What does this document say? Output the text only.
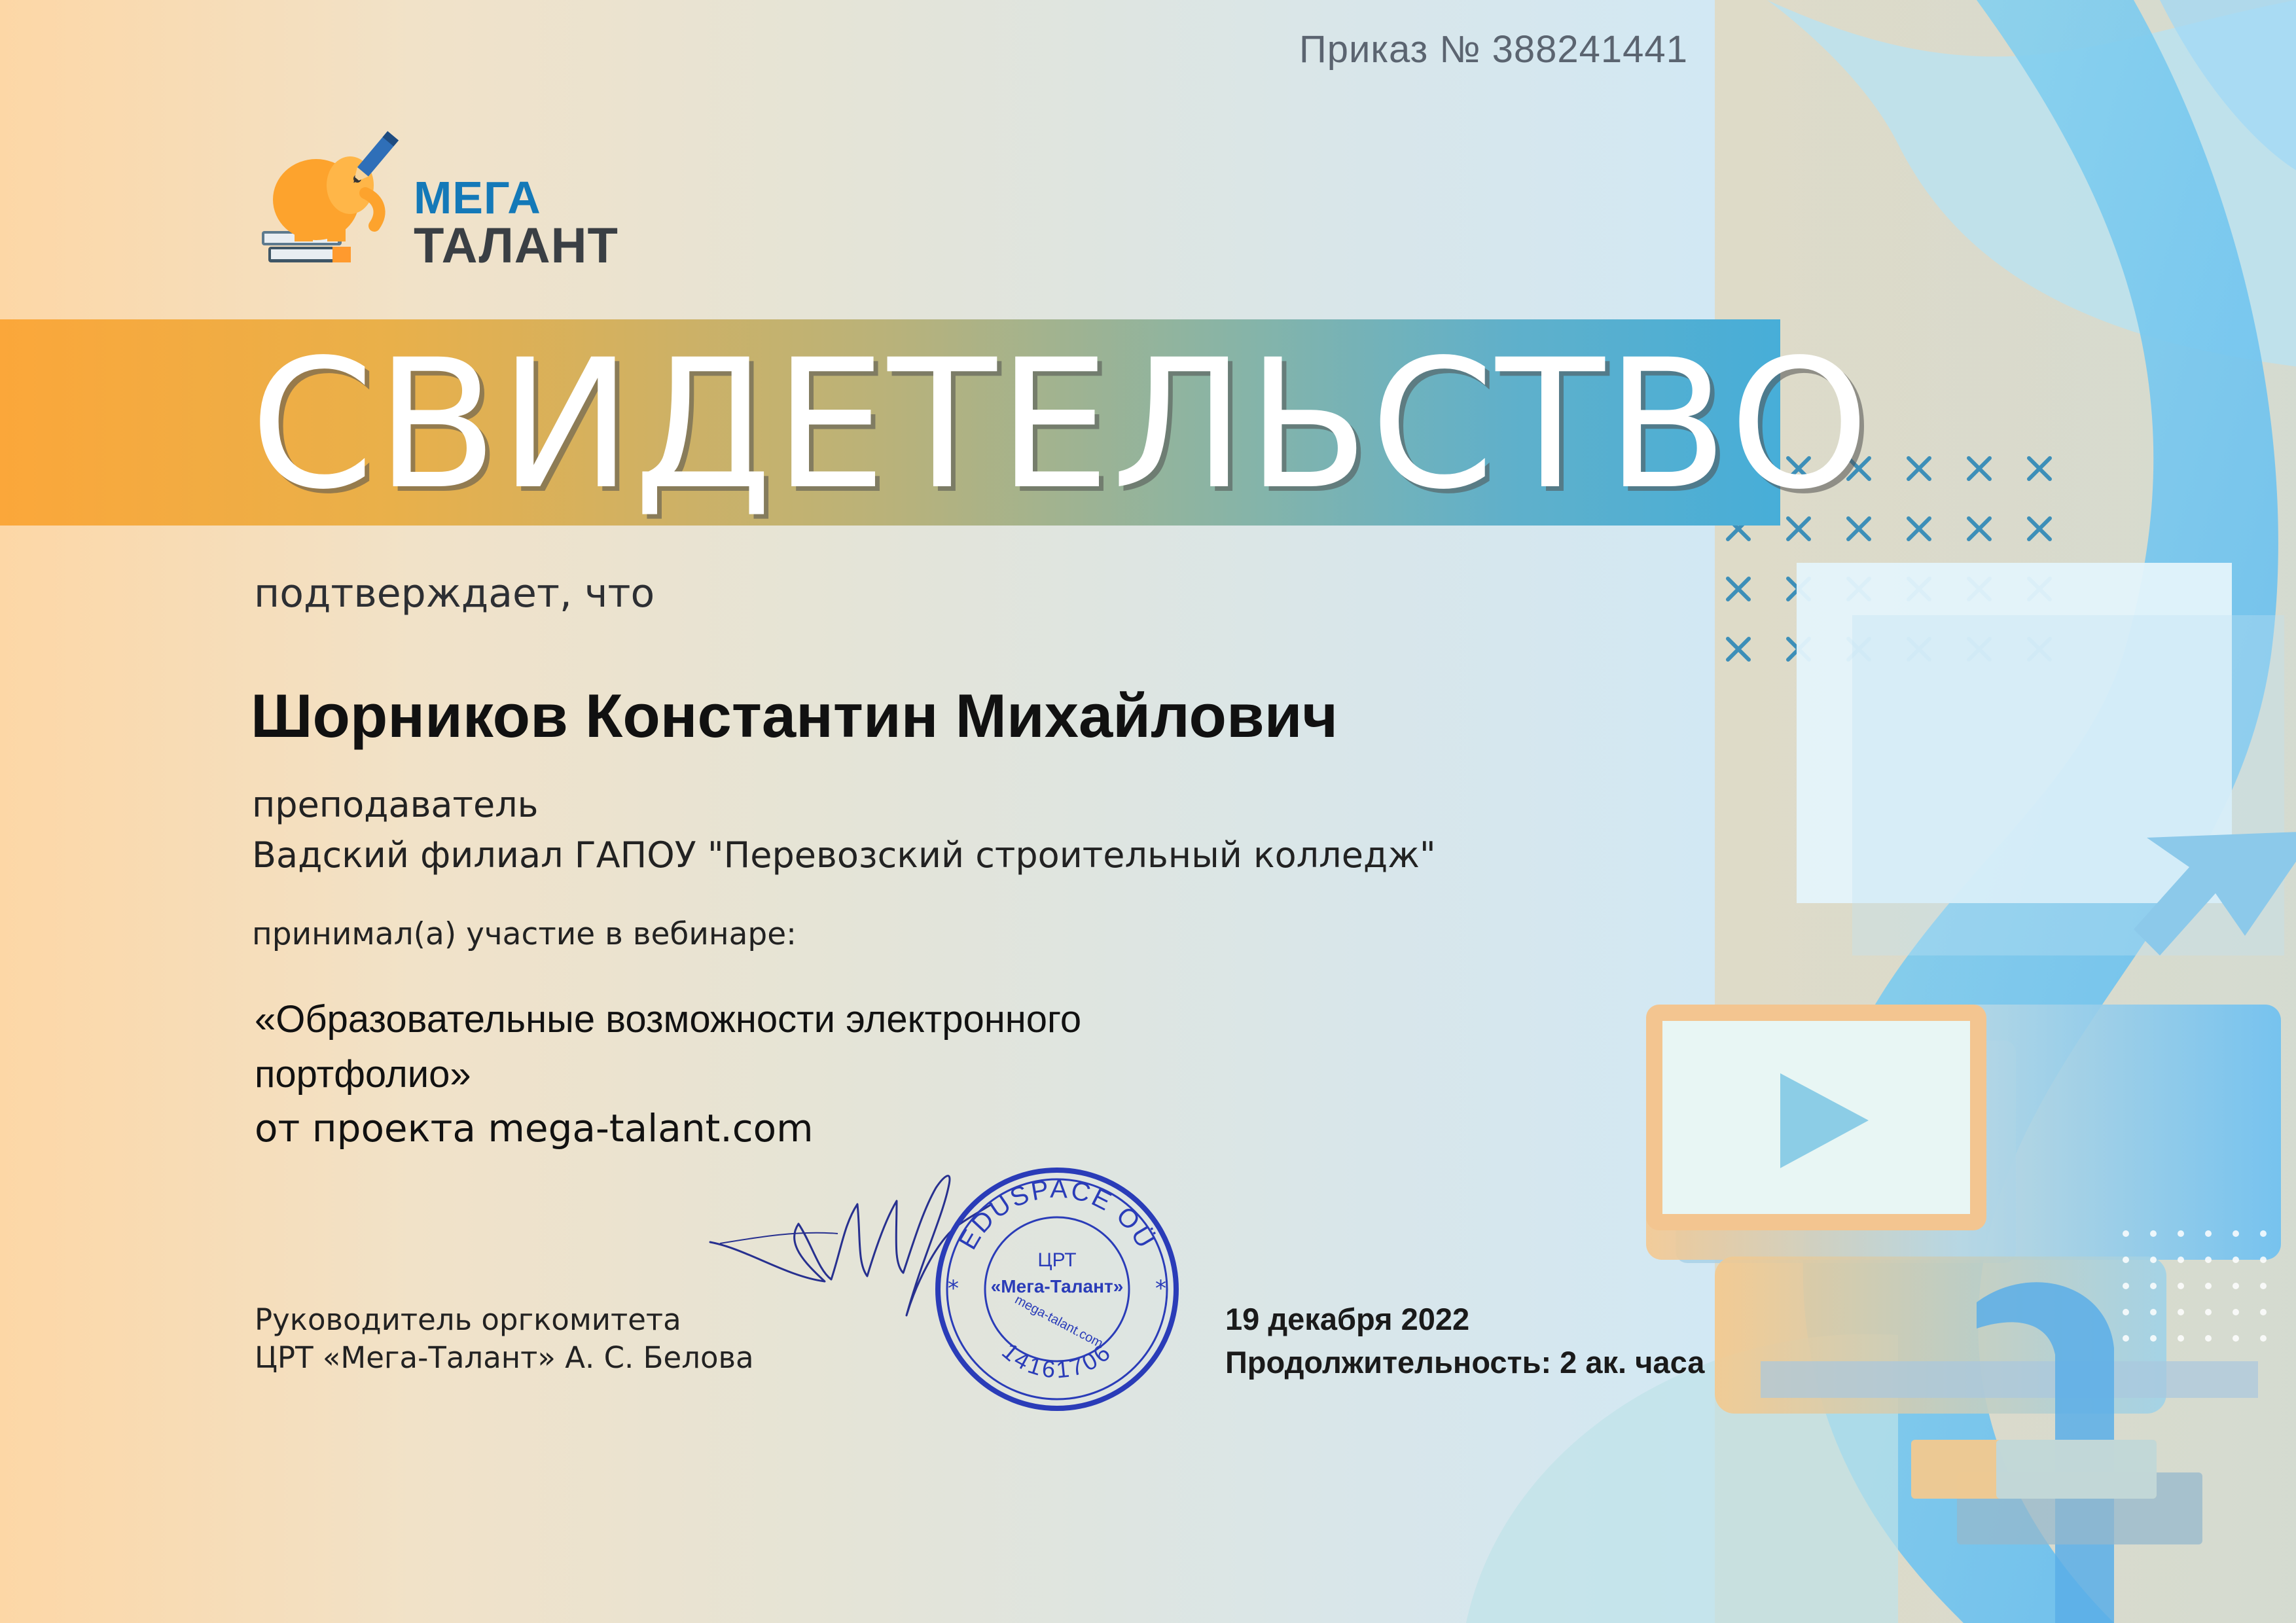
Приказ № 388241441
МЕГА
ТАЛАНТ
СВИДЕТЕЛЬСТВО
подтверждает, что
Шорников Константин Михайлович
преподаватель
Вадский филиал ГАПОУ "Перевозский строительный колледж"
принимал(а) участие в вебинаре:
«Образовательные возможности электронного
портфолио»
от проекта mega-talant.com
Руководитель оргкомитета
ЦРТ «Мега-Талант» А. С. Белова
EDUSPACE OÜ
14161706
*	*
ЦРТ
«Мега-Талант»
mega-talant.com	19 декабря 2022
Продолжительность: 2 ак. часа
